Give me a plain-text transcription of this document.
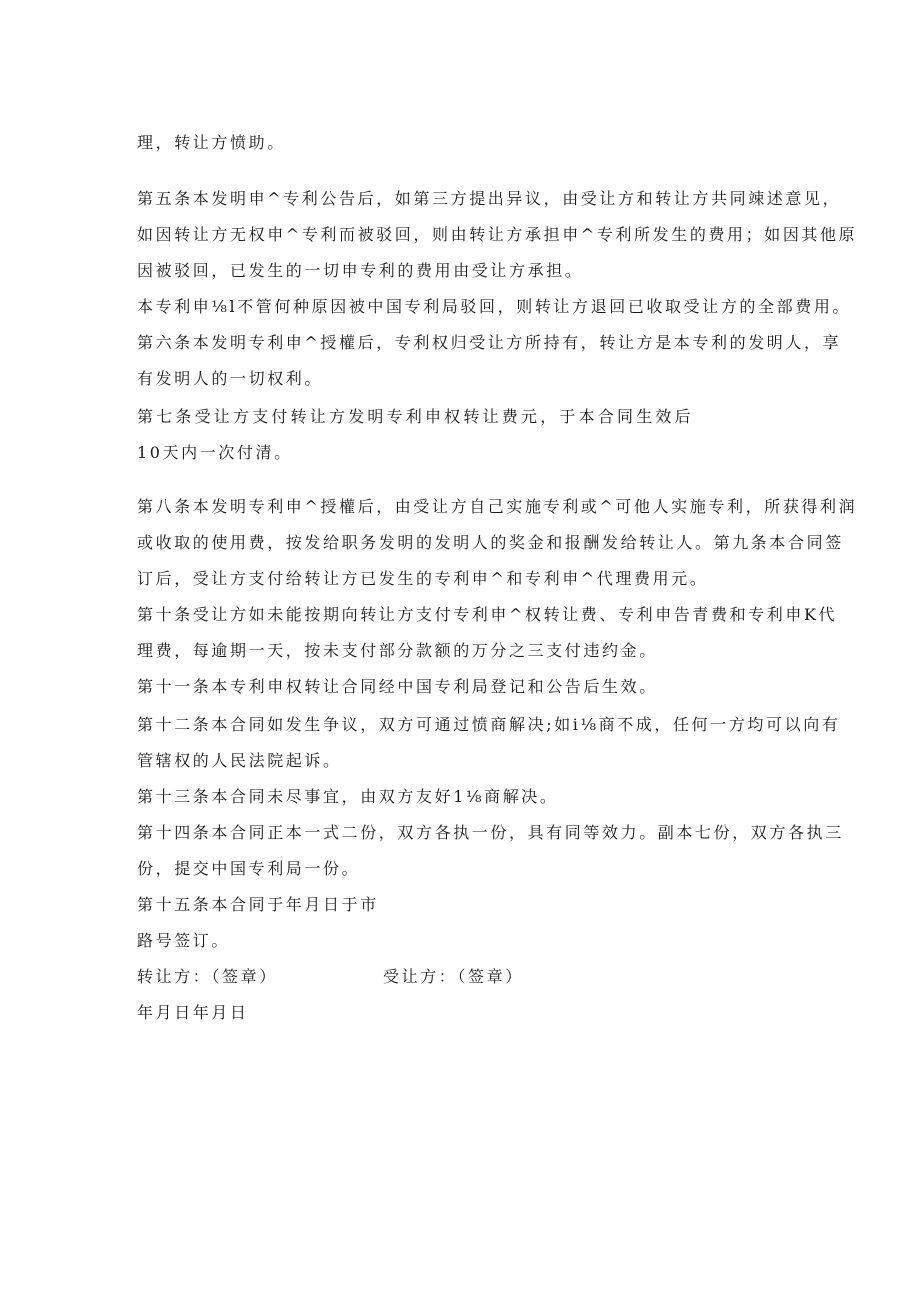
理，转让方愤助。
第五条本发明申^专利公告后，如第三方提出异议，由受让方和转让方共同竦述意见，
如因转让方无权申^专利而被驳回，则由转让方承担申^专利所发生的费用；如因其他原
因被驳回，已发生的一切申专利的费用由受让方承担。
本专利申⅛l不管何种原因被中国专利局驳回，则转让方退回已收取受让方的全部费用。
第六条本发明专利申^授權后，专利权归受让方所持有，转让方是本专利的发明人，享
有发明人的一切权利。
第七条受让方支付转让方发明专利申权转让费元，于本合同生效后
10天内一次付清。
第八条本发明专利申^授權后，由受让方自己实施专利或^可他人实施专利，所获得利润
或收取的使用费，按发给职务发明的发明人的奖金和报酬发给转让人。第九条本合同签
订后，受让方支付给转让方已发生的专利申^和专利申^代理费用元。
第十条受让方如未能按期向转让方支付专利申^权转让费、专利申告青费和专利申K代
理费，每逾期一天，按未支付部分款额的万分之三支付违约金。
第十一条本专利申权转让合同经中国专利局登记和公告后生效。
第十二条本合同如发生争议，双方可通过愤商解决;如i⅛商不成，任何一方均可以向有
管辖权的人民法院起诉。
第十三条本合同未尽事宜，由双方友好1⅛商解决。
第十四条本合同正本一式二份，双方各执一份，具有同等效力。副本七份，双方各执三
份，提交中国专利局一份。
第十五条本合同于年月日于市
路号签订。
转让方：（签章）	受让方：（签章）
年月日年月日
